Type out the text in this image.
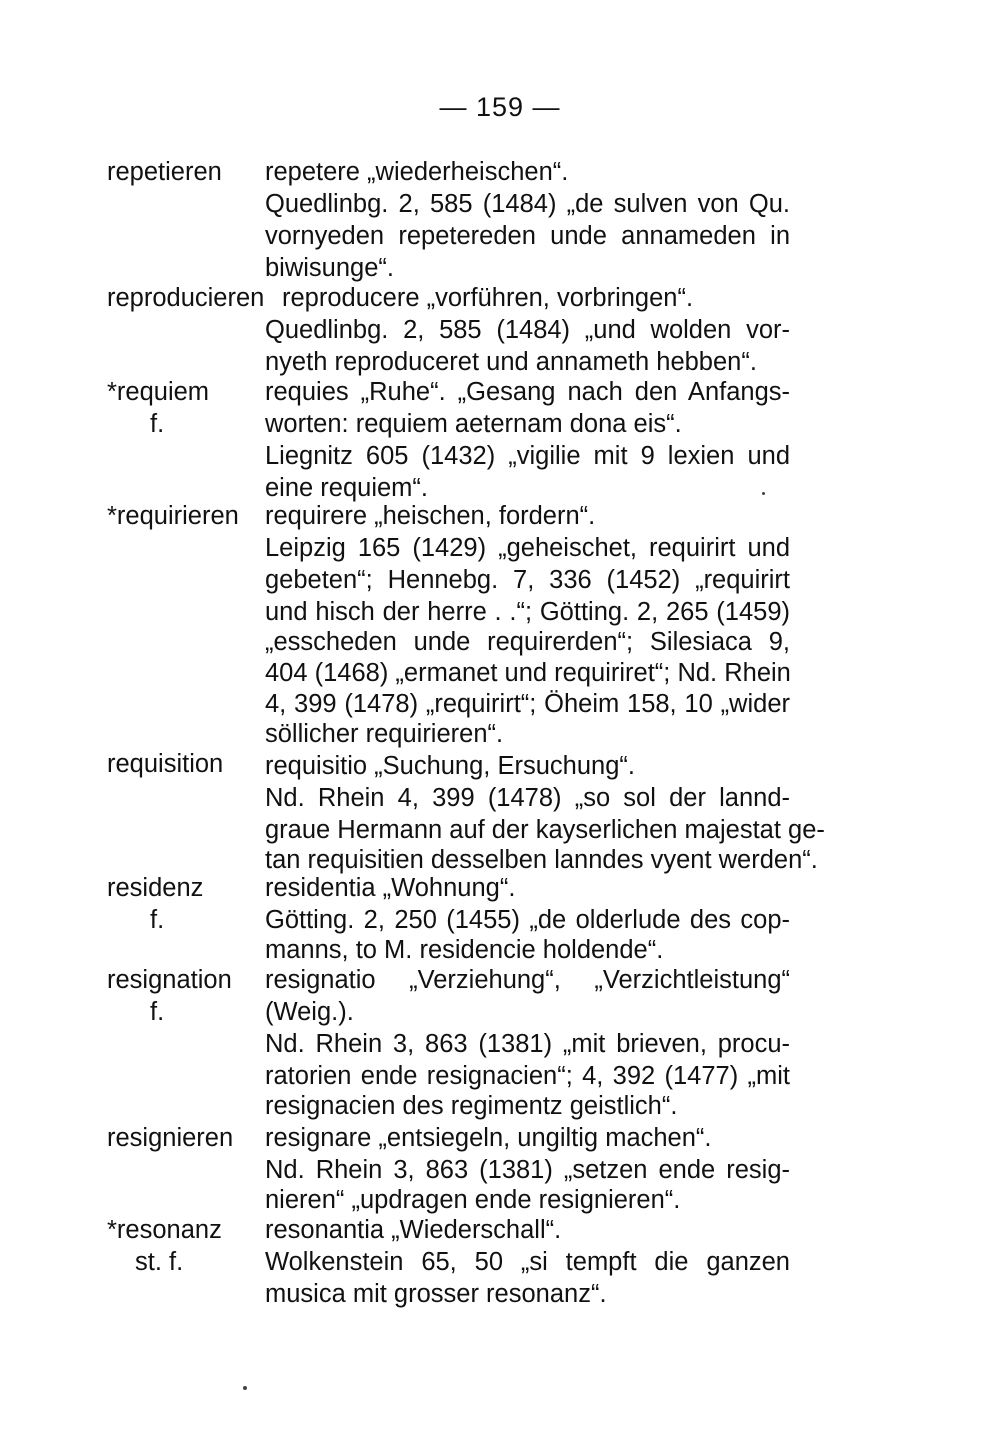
— 159 —
repetieren repetere „wiederheischen“.
Quedlinbg. 2, 585 (1484) „de sulven von Qu.
vornyeden repetereden unde annameden in
biwisunge“.
reproducieren reproducere „vorführen, vorbringen“.
Quedlinbg. 2, 585 (1484) „und wolden vor-
nyeth reproduceret und annameth hebben“.
*requiem
f.
requies „Ruhe“. „Gesang nach den Anfangs-
worten: requiem aeternam dona eis“.
Liegnitz 605 (1432) „vigilie mit 9 lexien und
eine requiem“.
*requirieren requirere „heischen, fordern“.
Leipzig 165 (1429) „geheischet, requirirt und
gebeten“; Hennebg. 7, 336 (1452) „requirirt
und hisch der herre . .“; Götting. 2, 265 (1459)
„esscheden unde requirerden“; Silesiaca 9,
404 (1468) „ermanet und requiriret“; Nd. Rhein
4, 399 (1478) „requirirt“; Öheim 158, 10 „wider
söllicher requirieren“.
requisition requisitio „Suchung, Ersuchung“.
Nd. Rhein 4, 399 (1478) „so sol der lannd-
graue Hermann auf der kayserlichen majestat ge-
tan requisitien desselben lanndes vyent werden“.
residenz
f.
residentia „Wohnung“.
Götting. 2, 250 (1455) „de olderlude des cop-
manns, to M. residencie holdende“.
resignation
f.
resignatio „Verziehung“, „Verzichtleistung“
(Weig.).
Nd. Rhein 3, 863 (1381) „mit brieven, procu-
ratorien ende resignacien“; 4, 392 (1477) „mit
resignacien des regimentz geistlich“.
resignieren resignare „entsiegeln, ungiltig machen“.
Nd. Rhein 3, 863 (1381) „setzen ende resig-
nieren“ „updragen ende resignieren“.
*resonanz
st. f.
resonantia „Wiederschall“.
Wolkenstein 65, 50 „si tempft die ganzen
musica mit grosser resonanz“.
